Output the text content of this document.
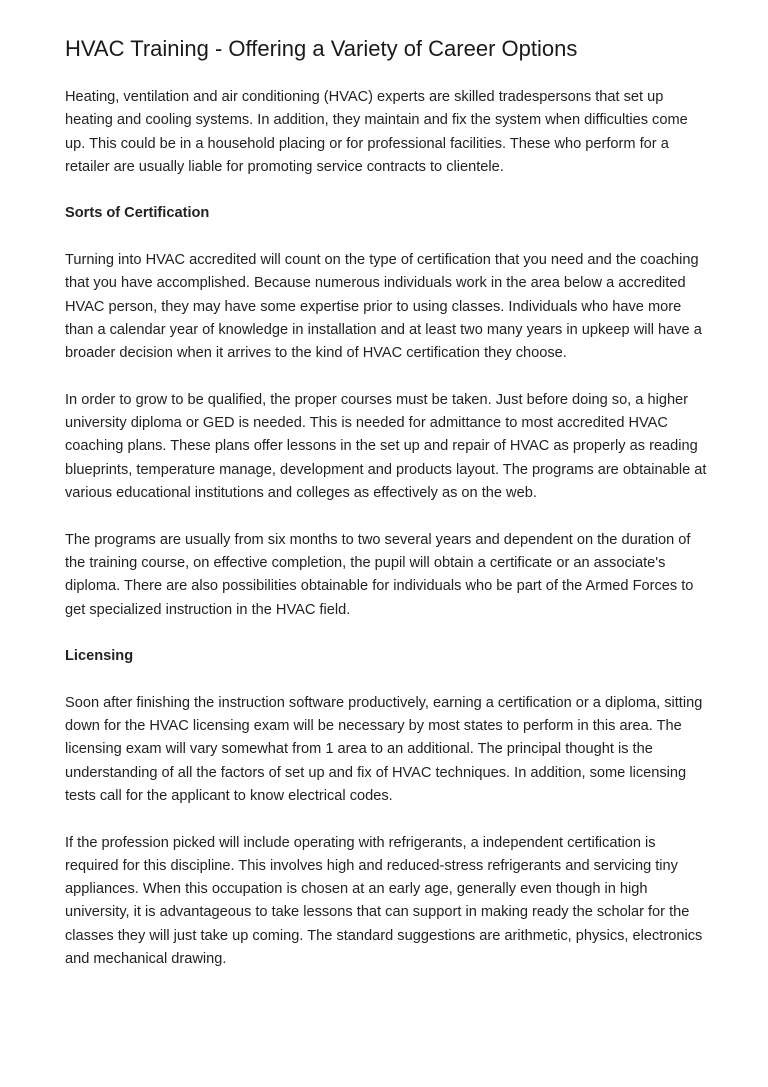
HVAC Training - Offering a Variety of Career Options

Heating, ventilation and air conditioning (HVAC) experts are skilled tradespersons that set up heating and cooling systems. In addition, they maintain and fix the system when difficulties come up. This could be in a household placing or for professional facilities. These who perform for a retailer are usually liable for promoting service contracts to clientele.

Sorts of Certification

Turning into HVAC accredited will count on the type of certification that you need and the coaching that you have accomplished. Because numerous individuals work in the area below a accredited HVAC person, they may have some expertise prior to using classes. Individuals who have more than a calendar year of knowledge in installation and at least two many years in upkeep will have a broader decision when it arrives to the kind of HVAC certification they choose.

In order to grow to be qualified, the proper courses must be taken. Just before doing so, a higher university diploma or GED is needed. This is needed for admittance to most accredited HVAC coaching plans. These plans offer lessons in the set up and repair of HVAC as properly as reading blueprints, temperature manage, development and products layout. The programs are obtainable at various educational institutions and colleges as effectively as on the web.

The programs are usually from six months to two several years and dependent on the duration of the training course, on effective completion, the pupil will obtain a certificate or an associate's diploma. There are also possibilities obtainable for individuals who be part of the Armed Forces to get specialized instruction in the HVAC field.

Licensing

Soon after finishing the instruction software productively, earning a certification or a diploma, sitting down for the HVAC licensing exam will be necessary by most states to perform in this area. The licensing exam will vary somewhat from 1 area to an additional. The principal thought is the understanding of all the factors of set up and fix of HVAC techniques. In addition, some licensing tests call for the applicant to know electrical codes.

If the profession picked will include operating with refrigerants, a independent certification is required for this discipline. This involves high and reduced-stress refrigerants and servicing tiny appliances. When this occupation is chosen at an early age, generally even though in high university, it is advantageous to take lessons that can support in making ready the scholar for the classes they will just take up coming. The standard suggestions are arithmetic, physics, electronics and mechanical drawing.
